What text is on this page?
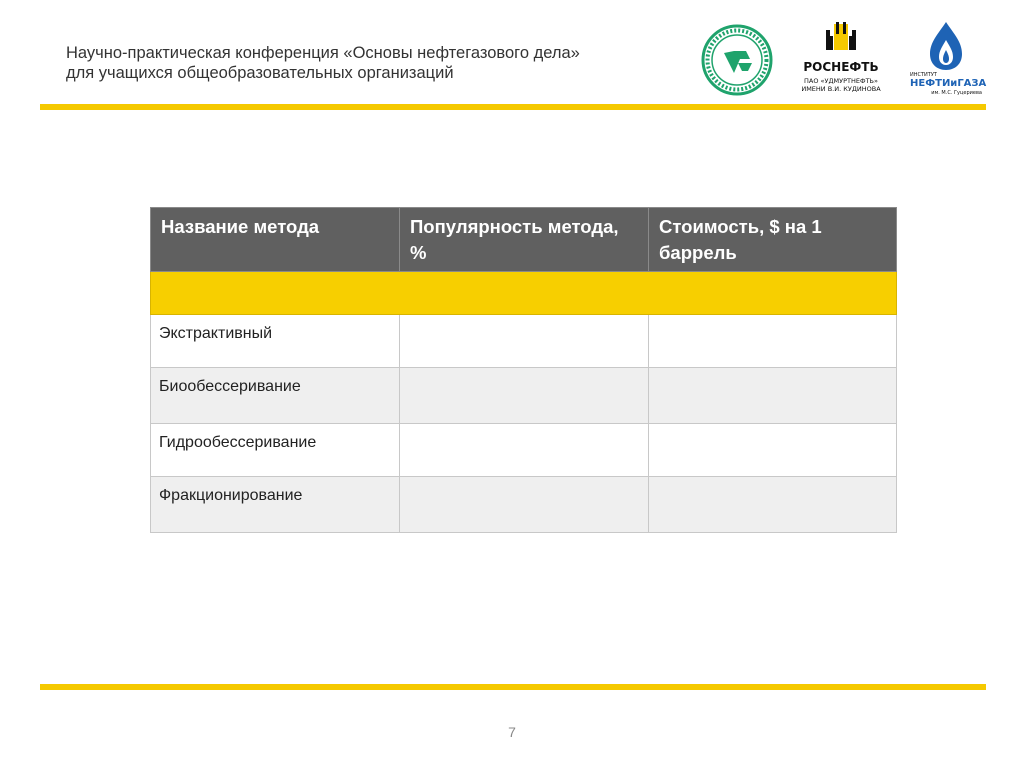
Научно-практическая конференция «Основы нефтегазового дела»
для учащихся общеобразовательных организаций	РОСНЕФТЬ
ПАО «УДМУРТНЕФТЬ»
ИМЕНИ В.И. КУДИНОВА
ИНСТИТУТ
НЕФТИиГАЗА
им. М.С. Гуцериева
Название метода	Популярность метода, %	Стоимость, $ на 1 баррель

Экстрактивный		
Биообессеривание		
Гидрообессеривание		
Фракционирование		
7
